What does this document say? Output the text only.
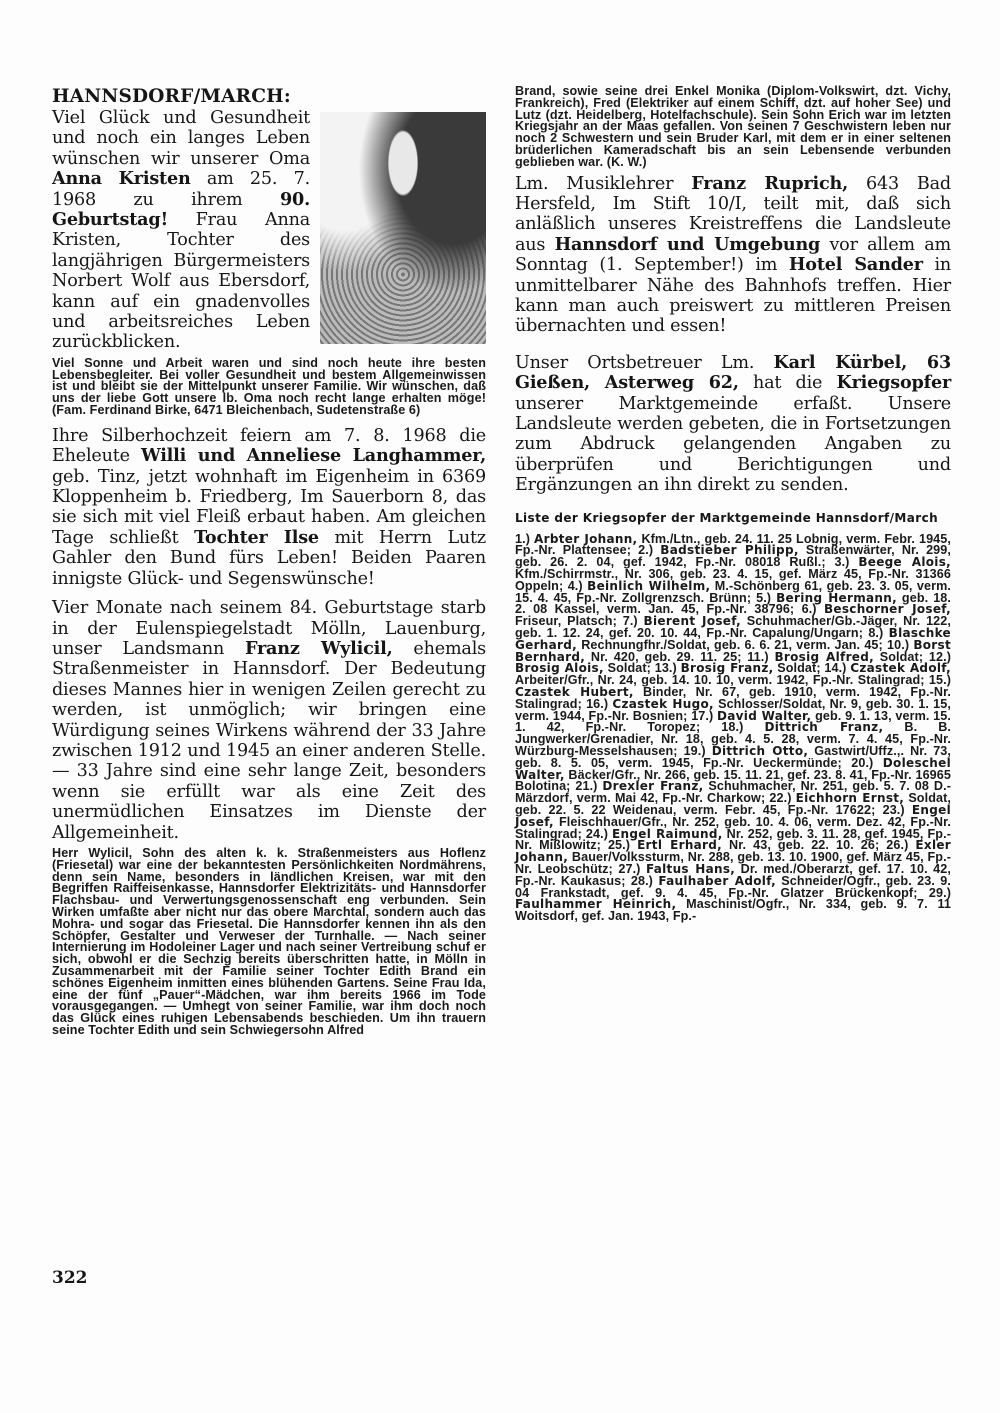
HANNSDORF/MARCH:

Viel Glück und Gesundheit und noch ein langes Leben wünschen wir unserer Oma Anna Kristen am 25. 7. 1968 zu ihrem 90. Geburtstag! Frau Anna Kristen, Tochter des langjährigen Bürgermeisters Norbert Wolf aus Ebersdorf, kann auf ein gnadenvolles und arbeitsreiches Leben zurückblicken.

Viel Sonne und Arbeit waren und sind noch heute ihre besten Lebensbegleiter. Bei voller Gesundheit und bestem Allgemeinwissen ist und bleibt sie der Mittelpunkt unserer Familie. Wir wünschen, daß uns der liebe Gott unsere lb. Oma noch recht lange erhalten möge! (Fam. Ferdinand Birke, 6471 Bleichenbach, Sudetenstraße 6)

Ihre Silberhochzeit feiern am 7. 8. 1968 die Eheleute Willi und Anneliese Langhammer, geb. Tinz, jetzt wohnhaft im Eigenheim in 6369 Kloppenheim b. Friedberg, Im Sauerborn 8, das sie sich mit viel Fleiß erbaut haben. Am gleichen Tage schließt Tochter Ilse mit Herrn Lutz Gahler den Bund fürs Leben! Beiden Paaren innigste Glück- und Segenswünsche!

Vier Monate nach seinem 84. Geburtstage starb in der Eulenspiegelstadt Mölln, Lauenburg, unser Landsmann Franz Wylicil, ehemals Straßenmeister in Hannsdorf. Der Bedeutung dieses Mannes hier in wenigen Zeilen gerecht zu werden, ist unmöglich; wir bringen eine Würdigung seines Wirkens während der 33 Jahre zwischen 1912 und 1945 an einer anderen Stelle. — 33 Jahre sind eine sehr lange Zeit, besonders wenn sie erfüllt war als eine Zeit des unermüdlichen Einsatzes im Dienste der Allgemeinheit.

Herr Wylicil, Sohn des alten k. k. Straßenmeisters aus Hoflenz (Friesetal) war eine der bekanntesten Persönlichkeiten Nordmährens, denn sein Name, besonders in ländlichen Kreisen, war mit den Begriffen Raiffeisenkasse, Hannsdorfer Elektrizitäts- und Hannsdorfer Flachsbau- und Verwertungsgenossenschaft eng verbunden. Sein Wirken umfaßte aber nicht nur das obere Marchtal, sondern auch das Mohra- und sogar das Friesetal. Die Hannsdorfer kennen ihn als den Schöpfer, Gestalter und Verweser der Turnhalle. — Nach seiner Internierung im Hodoleiner Lager und nach seiner Vertreibung schuf er sich, obwohl er die Sechzig bereits überschritten hatte, in Mölln in Zusammenarbeit mit der Familie seiner Tochter Edith Brand ein schönes Eigenheim inmitten eines blühenden Gartens. Seine Frau Ida, eine der fünf „Pauer“-Mädchen, war ihm bereits 1966 im Tode vorausgegangen. — Umhegt von seiner Familie, war ihm doch noch das Glück eines ruhigen Lebensabends beschieden. Um ihn trauern seine Tochter Edith und sein Schwiegersohn Alfred

Brand, sowie seine drei Enkel Monika (Diplom-Volkswirt, dzt. Vichy, Frankreich), Fred (Elektriker auf einem Schiff, dzt. auf hoher See) und Lutz (dzt. Heidelberg, Hotelfachschule). Sein Sohn Erich war im letzten Kriegsjahr an der Maas gefallen. Von seinen 7 Geschwistern leben nur noch 2 Schwestern und sein Bruder Karl, mit dem er in einer seltenen brüderlichen Kameradschaft bis an sein Lebensende verbunden geblieben war. (K. W.)

Lm. Musiklehrer Franz Ruprich, 643 Bad Hersfeld, Im Stift 10/I, teilt mit, daß sich anläßlich unseres Kreistreffens die Landsleute aus Hannsdorf und Umgebung vor allem am Sonntag (1. September!) im Hotel Sander in unmittelbarer Nähe des Bahnhofs treffen. Hier kann man auch preiswert zu mittleren Preisen übernachten und essen!

Unser Ortsbetreuer Lm. Karl Kürbel, 63 Gießen, Asterweg 62, hat die Kriegsopfer unserer Marktgemeinde erfaßt. Unsere Landsleute werden gebeten, die in Fortsetzungen zum Abdruck gelangenden Angaben zu überprüfen und Berichtigungen und Ergänzungen an ihn direkt zu senden.

Liste der Kriegsopfer der Marktgemeinde Hannsdorf/March

1.) Arbter Johann, Kfm./Ltn., geb. 24. 11. 25 Lobnig, verm. Febr. 1945, Fp.-Nr. Plattensee; 2.) Badstieber Philipp, Straßenwärter, Nr. 299, geb. 26. 2. 04, gef. 1942, Fp.-Nr. 08018 Rußl.; 3.) Beege Alois, Kfm./Schirrmstr., Nr. 306, geb. 23. 4. 15, gef. März 45, Fp.-Nr. 31366 Oppeln; 4.) Beinlich Wilhelm, M.-Schönberg 61, geb. 23. 3. 05, verm. 15. 4. 45, Fp.-Nr. Zollgrenzsch. Brünn; 5.) Bering Hermann, geb. 18. 2. 08 Kassel, verm. Jan. 45, Fp.-Nr. 38796; 6.) Beschorner Josef, Friseur, Platsch; 7.) Bierent Josef, Schuhmacher/Gb.-Jäger, Nr. 122, geb. 1. 12. 24, gef. 20. 10. 44, Fp.-Nr. Capalung/Ungarn; 8.) Blaschke Gerhard, Rechnungfhr./Soldat, geb. 6. 6. 21, verm. Jan. 45; 10.) Borst Bernhard, Nr. 420, geb. 29. 11. 25; 11.) Brosig Alfred, Soldat; 12.) Brosig Alois, Soldat; 13.) Brosig Franz, Soldat; 14.) Czastek Adolf, Arbeiter/Gfr., Nr. 24, geb. 14. 10. 10, verm. 1942, Fp.-Nr. Stalingrad; 15.) Czastek Hubert, Binder, Nr. 67, geb. 1910, verm. 1942, Fp.-Nr. Stalingrad; 16.) Czastek Hugo, Schlosser/Soldat, Nr. 9, geb. 30. 1. 15, verm. 1944, Fp.-Nr. Bosnien; 17.) David Walter, geb. 9. 1. 13, verm. 15. 1. 42, Fp.-Nr. Toropez; 18.) Dittrich Franz, B. B. Jungwerker/Grenadier, Nr. 18, geb. 4. 5. 28, verm. 7. 4. 45, Fp.-Nr. Würzburg-Messelshausen; 19.) Dittrich Otto, Gastwirt/Uffz.,. Nr. 73, geb. 8. 5. 05, verm. 1945, Fp.-Nr. Ueckermünde; 20.) Doleschel Walter, Bäcker/Gfr., Nr. 266, geb. 15. 11. 21, gef. 23. 8. 41, Fp.-Nr. 16965 Bolotina; 21.) Drexler Franz, Schuhmacher, Nr. 251, geb. 5. 7. 08 D.-Märzdorf, verm. Mai 42, Fp.-Nr. Charkow; 22.) Eichhorn Ernst, Soldat, geb. 22. 5. 22 Weidenau, verm. Febr. 45, Fp.-Nr. 17622; 23.) Engel Josef, Fleischhauer/Gfr., Nr. 252, geb. 10. 4. 06, verm. Dez. 42, Fp.-Nr. Stalingrad; 24.) Engel Raimund, Nr. 252, geb. 3. 11. 28, gef. 1945, Fp.-Nr. Mißlowitz; 25.) Ertl Erhard, Nr. 43, geb. 22. 10. 26; 26.) Exler Johann, Bauer/Volkssturm, Nr. 288, geb. 13. 10. 1900, gef. März 45, Fp.-Nr. Leobschütz; 27.) Faltus Hans, Dr. med./Oberarzt, gef. 17. 10. 42, Fp.-Nr. Kaukasus; 28.) Faulhaber Adolf, Schneider/Ogfr., geb. 23. 9. 04 Frankstadt, gef. 9. 4. 45, Fp.-Nr. Glatzer Brückenkopf; 29.) Faulhammer Heinrich, Maschinist/Ogfr., Nr. 334, geb. 9. 7. 11 Woitsdorf, gef. Jan. 1943, Fp.-

322
